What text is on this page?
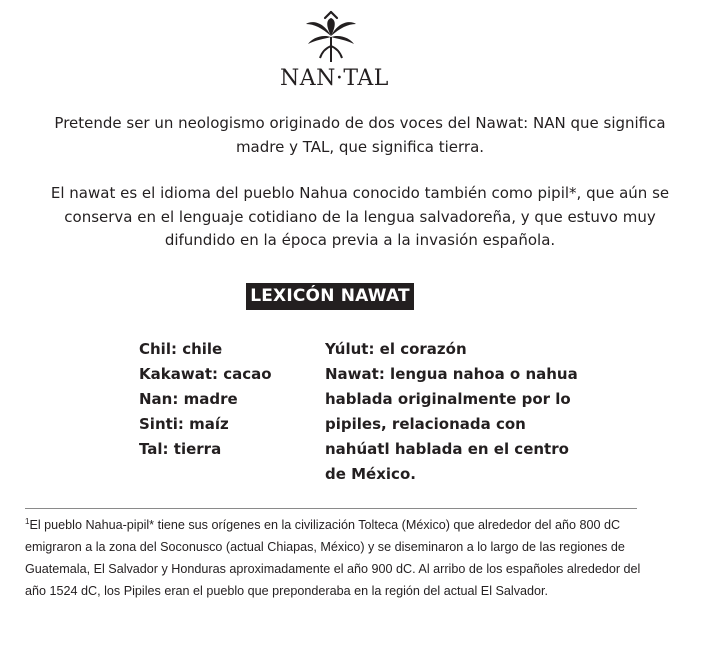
NAN·TAL

Pretende ser un neologismo originado de dos voces del Nawat: NAN que significa madre y TAL, que significa tierra.

El nawat es el idioma del pueblo Nahua conocido también como pipil*, que aún se conserva en el lenguaje cotidiano de la lengua salvadoreña, y que estuvo muy difundido en la época previa a la invasión española.

LEXICÓN NAWAT
Chil: chile
Kakawat: cacao
Nan: madre
Sinti: maíz
Tal: tierra
Yúlut: el corazón
Nawat: lengua nahoa o nahua hablada originalmente por lo pipiles, relacionada con nahúatl hablada en el centro de México.
$^1$El pueblo Nahua-pipil* tiene sus orígenes en la civilización Tolteca (México) que alrededor del año 800 dC emigraron a la zona del Soconusco (actual Chiapas, México) y se diseminaron a lo largo de las regiones de Guatemala, El Salvador y Honduras aproximadamente el año 900 dC. Al arribo de los españoles alrededor del año 1524 dC, los Pipiles eran el pueblo que preponderaba en la región del actual El Salvador.
